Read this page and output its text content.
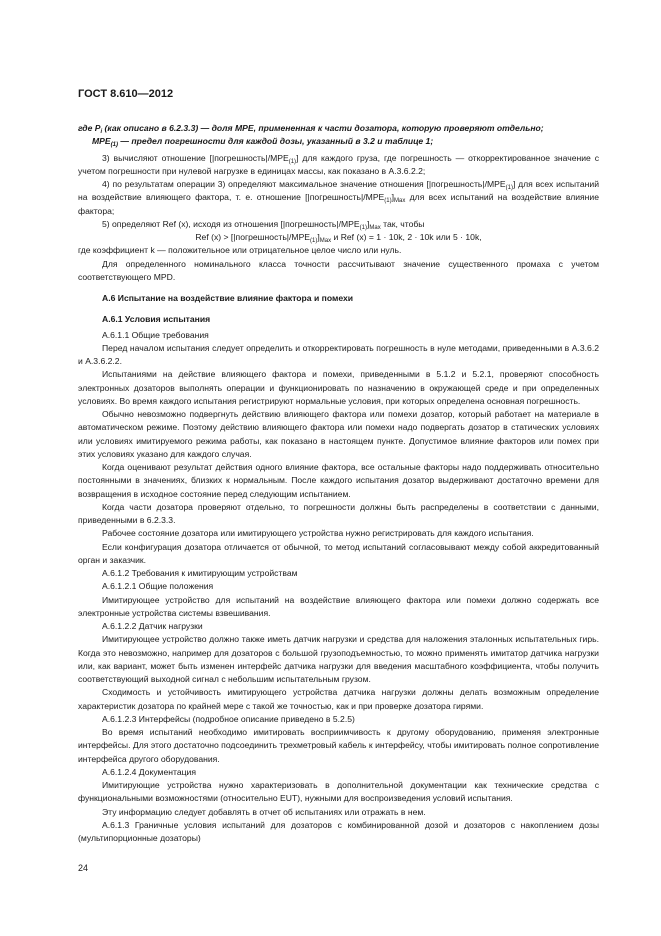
ГОСТ 8.610—2012

где $P_i$ (как описано в 6.2.3.3) — доля MPE, примененная к части дозатора, которую проверяют отдельно;

$MPE_{(1)}$ — предел погрешности для каждой дозы, указанный в 3.2 и таблице 1;

3) вычисляют отношение $[|погрешность|/MPE_{(1)}]$ для каждого груза, где погрешность — откорректированное значение с учетом погрешности при нулевой нагрузке в единицах массы, как показано в А.3.6.2.2;

4) по результатам операции 3) определяют максимальное значение отношения $[|погрешность|/MPE_{(1)}]$ для всех испытаний на воздействие влияющего фактора, т. е. отношение $[|погрешность|/MPE_{(1)}]_{Max}$ для всех испытаний на воздействие влияние фактора;

5) определяют Ref (x), исходя из отношения $[|погрешность|/MPE_{(1)}]_{Max}$ так, чтобы

Ref $(x) > [|погрешность|/MPE_{(1)}]_{Max}$ и Ref (x) = 1 · 10k, 2 · 10k или 5 · 10k,

где коэффициент k — положительное или отрицательное целое число или нуль.

Для определенного номинального класса точности рассчитывают значение существенного промаха с учетом соответствующего MPD.

А.6 Испытание на воздействие влияние фактора и помехи

А.6.1 Условия испытания

А.6.1.1 Общие требования

Перед началом испытания следует определить и откорректировать погрешность в нуле методами, приведенными в А.3.6.2 и А.3.6.2.2.

Испытаниями на действие влияющего фактора и помехи, приведенными в 5.1.2 и 5.2.1, проверяют способность электронных дозаторов выполнять операции и функционировать по назначению в окружающей среде и при определенных условиях. Во время каждого испытания регистрируют нормальные условия, при которых определена основная погрешность.

Обычно невозможно подвергнуть действию влияющего фактора или помехи дозатор, который работает на материале в автоматическом режиме. Поэтому действию влияющего фактора или помехи надо подвергать дозатор в статических условиях или условиях имитируемого режима работы, как показано в настоящем пункте. Допустимое влияние факторов или помех при этих условиях указано для каждого случая.

Когда оценивают результат действия одного влияние фактора, все остальные факторы надо поддерживать относительно постоянными в значениях, близких к нормальным. После каждого испытания дозатор выдерживают достаточно времени для возвращения в исходное состояние перед следующим испытанием.

Когда части дозатора проверяют отдельно, то погрешности должны быть распределены в соответствии с данными, приведенными в 6.2.3.3.

Рабочее состояние дозатора или имитирующего устройства нужно регистрировать для каждого испытания.

Если конфигурация дозатора отличается от обычной, то метод испытаний согласовывают между собой аккредитованный орган и заказчик.

А.6.1.2 Требования к имитирующим устройствам

А.6.1.2.1 Общие положения

Имитирующее устройство для испытаний на воздействие влияющего фактора или помехи должно содержать все электронные устройства системы взвешивания.

А.6.1.2.2 Датчик нагрузки

Имитирующее устройство должно также иметь датчик нагрузки и средства для наложения эталонных испытательных гирь. Когда это невозможно, например для дозаторов с большой грузоподъемностью, то можно применять имитатор датчика нагрузки или, как вариант, может быть изменен интерфейс датчика нагрузки для введения масштабного коэффициента, чтобы получить соответствующий выходной сигнал с небольшим испытательным грузом.

Сходимость и устойчивость имитирующего устройства датчика нагрузки должны делать возможным определение характеристик дозатора по крайней мере с такой же точностью, как и при проверке дозатора гирями.

А.6.1.2.3 Интерфейсы (подробное описание приведено в 5.2.5)

Во время испытаний необходимо имитировать восприимчивость к другому оборудованию, применяя электронные интерфейсы. Для этого достаточно подсоединить трехметровый кабель к интерфейсу, чтобы имитировать полное сопротивление интерфейса другого оборудования.

А.6.1.2.4 Документация

Имитирующие устройства нужно характеризовать в дополнительной документации как технические средства с функциональными возможностями (относительно EUT), нужными для воспроизведения условий испытания.

Эту информацию следует добавлять в отчет об испытаниях или отражать в нем.

А.6.1.3 Граничные условия испытаний для дозаторов с комбинированной дозой и дозаторов с накоплением дозы (мультипорционные дозаторы)

24
